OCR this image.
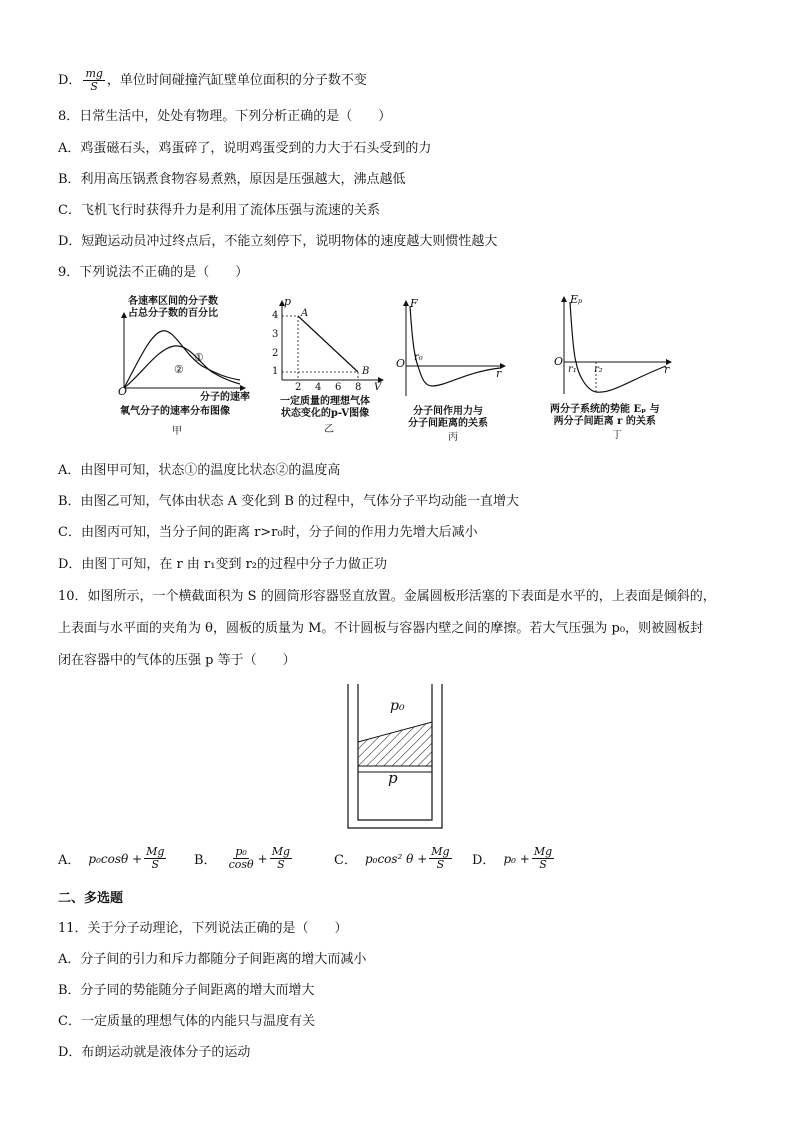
D． $\frac{mg}{S}$ ，单位时间碰撞汽缸壁单位面积的分子数不变
8．日常生活中，处处有物理。下列分析正确的是（　　）
A．鸡蛋磁石头，鸡蛋碎了，说明鸡蛋受到的力大于石头受到的力
B．利用高压锅煮食物容易煮熟，原因是压强越大，沸点越低
C．飞机飞行时获得升力是利用了流体压强与流速的关系
D．短跑运动员冲过终点后，不能立刻停下，说明物体的速度越大则惯性越大
9．下列说法不正确的是（　　）
各速率区间的分子数
占总分子数的百分比
①
②
O	分子的速率
氧气分子的速率分布图像
甲
p
A
B
4
3
2
1
2 4 6 8 V
一定质量的理想气体
状态变化的p-V图像
乙
F
O r₀
r
分子间作用力与
分子间距离的关系
丙
Eₚ
O
r₁ r₂	r
两分子系统的势能 Eₚ 与
两分子间距离 r 的关系
丁
A．由图甲可知，状态①的温度比状态②的温度高
B．由图乙可知，气体由状态 A 变化到 B 的过程中，气体分子平均动能一直增大
C．由图丙可知，当分子间的距离 r>r₀时，分子间的作用力先增大后减小
D．由图丁可知，在 r 由 r₁变到 r₂的过程中分子力做正功
10．如图所示，一个横截面积为 S 的圆筒形容器竖直放置。金属圆板形活塞的下表面是水平的，上表面是倾斜的，
上表面与水平面的夹角为 θ，圆板的质量为 M。不计圆板与容器内壁之间的摩擦。若大气压强为 p₀，则被圆板封
闭在容器中的气体的压强 p 等于（　　）
p₀
p
A． $p_0\cos\theta + \frac{Mg}{S}$ B． $\frac{\text{p₀}}{\cos\theta} + \frac{Mg}{S}$	C． p₀cos² $\theta + \frac{Mg}{S}$ D． $p_0 + \frac{Mg}{S}$
二、多选题
11．关于分子动理论，下列说法正确的是（　　）
A．分子间的引力和斥力都随分子间距离的增大而减小
B．分子同的势能随分子间距离的增大而增大
C．一定质量的理想气体的内能只与温度有关
D．布朗运动就是液体分子的运动
